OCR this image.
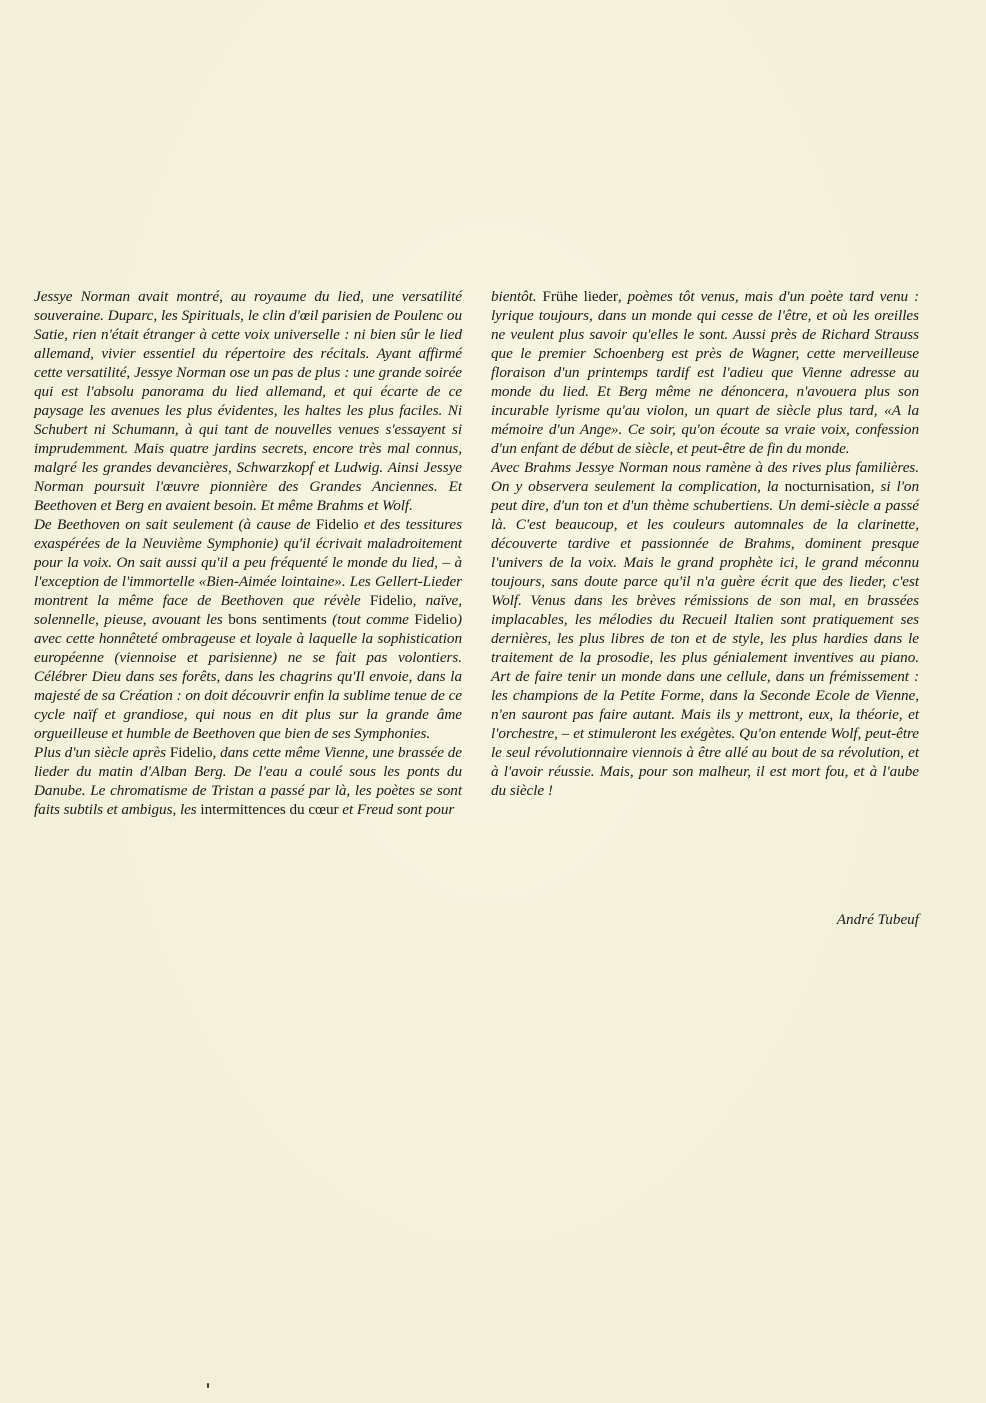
Jessye Norman avait montré, au royaume du lied, une versatilité souveraine. Duparc, les Spirituals, le clin d'œil parisien de Poulenc ou Satie, rien n'était étranger à cette voix universelle : ni bien sûr le lied allemand, vivier essentiel du répertoire des récitals. Ayant affirmé cette versatilité, Jessye Norman ose un pas de plus : une grande soirée qui est l'absolu panorama du lied allemand, et qui écarte de ce paysage les avenues les plus évidentes, les haltes les plus faciles. Ni Schubert ni Schumann, à qui tant de nouvelles venues s'essayent si imprudemment. Mais quatre jardins secrets, encore très mal connus, malgré les grandes devancières, Schwarzkopf et Ludwig. Ainsi Jessye Norman poursuit l'œuvre pionnière des Grandes Anciennes. Et Beethoven et Berg en avaient besoin. Et même Brahms et Wolf.

De Beethoven on sait seulement (à cause de Fidelio et des tessitures exaspérées de la Neuvième Symphonie) qu'il écrivait maladroitement pour la voix. On sait aussi qu'il a peu fréquenté le monde du lied, – à l'exception de l'immortelle «Bien-Aimée lointaine». Les Gellert-Lieder montrent la même face de Beethoven que révèle Fidelio, naïve, solennelle, pieuse, avouant les bons sentiments (tout comme Fidelio) avec cette honnêteté ombrageuse et loyale à laquelle la sophistication européenne (viennoise et parisienne) ne se fait pas volontiers. Célébrer Dieu dans ses forêts, dans les chagrins qu'Il envoie, dans la majesté de sa Création : on doit découvrir enfin la sublime tenue de ce cycle naïf et grandiose, qui nous en dit plus sur la grande âme orgueilleuse et humble de Beethoven que bien de ses Symphonies.

Plus d'un siècle après Fidelio, dans cette même Vienne, une brassée de lieder du matin d'Alban Berg. De l'eau a coulé sous les ponts du Danube. Le chromatisme de Tristan a passé par là, les poètes se sont faits subtils et ambigus, les intermittences du cœur et Freud sont pour

bientôt. Frühe lieder, poèmes tôt venus, mais d'un poète tard venu : lyrique toujours, dans un monde qui cesse de l'être, et où les oreilles ne veulent plus savoir qu'elles le sont. Aussi près de Richard Strauss que le premier Schoenberg est près de Wagner, cette merveilleuse floraison d'un printemps tardif est l'adieu que Vienne adresse au monde du lied. Et Berg même ne dénoncera, n'avouera plus son incurable lyrisme qu'au violon, un quart de siècle plus tard, «A la mémoire d'un Ange». Ce soir, qu'on écoute sa vraie voix, confession d'un enfant de début de siècle, et peut-être de fin du monde.

Avec Brahms Jessye Norman nous ramène à des rives plus familières. On y observera seulement la complication, la nocturnisation, si l'on peut dire, d'un ton et d'un thème schubertiens. Un demi-siècle a passé là. C'est beaucoup, et les couleurs automnales de la clarinette, découverte tardive et passionnée de Brahms, dominent presque l'univers de la voix. Mais le grand prophète ici, le grand méconnu toujours, sans doute parce qu'il n'a guère écrit que des lieder, c'est Wolf. Venus dans les brèves rémissions de son mal, en brassées implacables, les mélodies du Recueil Italien sont pratiquement ses dernières, les plus libres de ton et de style, les plus hardies dans le traitement de la prosodie, les plus génialement inventives au piano. Art de faire tenir un monde dans une cellule, dans un frémissement : les champions de la Petite Forme, dans la Seconde Ecole de Vienne, n'en sauront pas faire autant. Mais ils y mettront, eux, la théorie, et l'orchestre, – et stimuleront les exégètes. Qu'on entende Wolf, peut-être le seul révolutionnaire viennois à être allé au bout de sa révolution, et à l'avoir réussie. Mais, pour son malheur, il est mort fou, et à l'aube du siècle !

André Tubeuf
